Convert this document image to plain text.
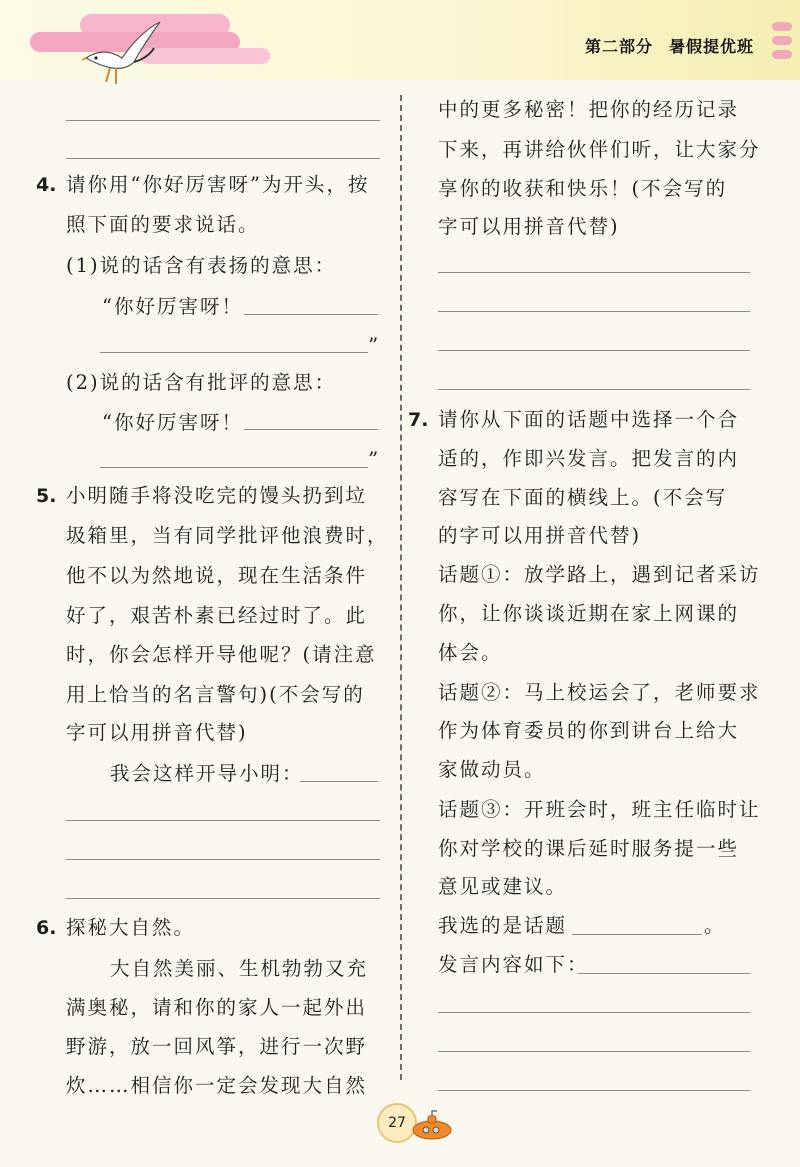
第二部分 暑假提优班
4. 请你用“你好厉害呀”为开头，按
照下面的要求说话。
(1)说的话含有表扬的意思：
“你好厉害呀！
”
(2)说的话含有批评的意思：
“你好厉害呀！
”
5. 小明随手将没吃完的馒头扔到垃
圾箱里，当有同学批评他浪费时，
他不以为然地说，现在生活条件
好了，艰苦朴素已经过时了。此
时，你会怎样开导他呢？(请注意
用上恰当的名言警句)(不会写的
字可以用拼音代替)
我会这样开导小明：
6. 探秘大自然。
大自然美丽、生机勃勃又充
满奥秘，请和你的家人一起外出
野游，放一回风筝，进行一次野
炊……相信你一定会发现大自然
中的更多秘密！把你的经历记录
下来，再讲给伙伴们听，让大家分
享你的收获和快乐！(不会写的
字可以用拼音代替)
7. 请你从下面的话题中选择一个合
适的，作即兴发言。把发言的内
容写在下面的横线上。(不会写
的字可以用拼音代替)
话题①：放学路上，遇到记者采访
你，让你谈谈近期在家上网课的
体会。
话题②：马上校运会了，老师要求
作为体育委员的你到讲台上给大
家做动员。
话题③：开班会时，班主任临时让
你对学校的课后延时服务提一些
意见或建议。
我选的是话题	。
发言内容如下：
27
